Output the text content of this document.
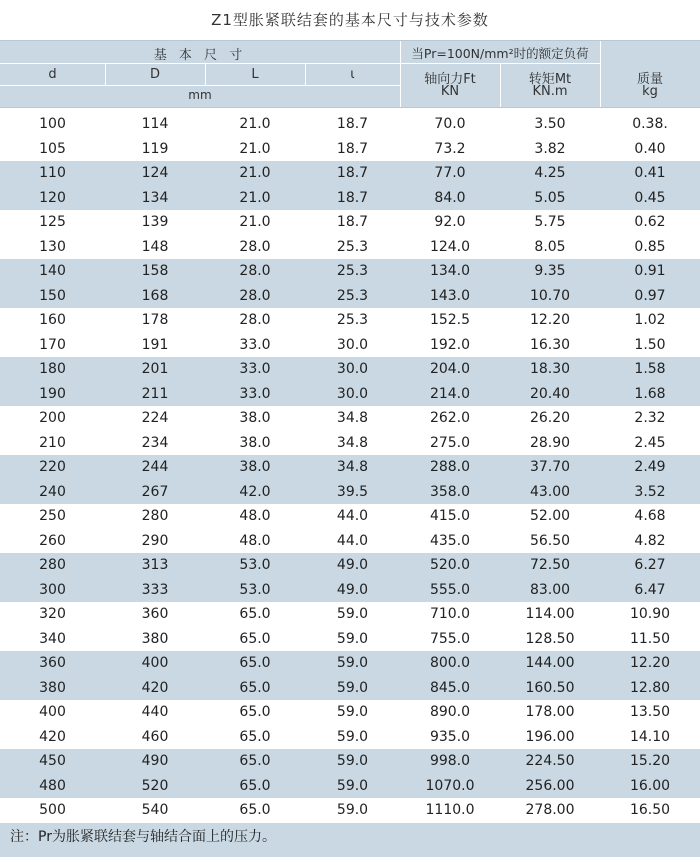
Z1型胀紧联结套的基本尺寸与技术参数
基 本 尺 寸	当Pr=100N/mm²时的额定负荷
d	D	L	ι
mm
轴向力Ft
KN
转矩Mt
KN.m
质量
kg
100	114	21.0	18.7	70.0	3.50	0.38.
105	119	21.0	18.7	73.2	3.82	0.40
110	124	21.0	18.7	77.0	4.25	0.41
120	134	21.0	18.7	84.0	5.05	0.45
125	139	21.0	18.7	92.0	5.75	0.62
130	148	28.0	25.3	124.0	8.05	0.85
140	158	28.0	25.3	134.0	9.35	0.91
150	168	28.0	25.3	143.0	10.70	0.97
160	178	28.0	25.3	152.5	12.20	1.02
170	191	33.0	30.0	192.0	16.30	1.50
180	201	33.0	30.0	204.0	18.30	1.58
190	211	33.0	30.0	214.0	20.40	1.68
200	224	38.0	34.8	262.0	26.20	2.32
210	234	38.0	34.8	275.0	28.90	2.45
220	244	38.0	34.8	288.0	37.70	2.49
240	267	42.0	39.5	358.0	43.00	3.52
250	280	48.0	44.0	415.0	52.00	4.68
260	290	48.0	44.0	435.0	56.50	4.82
280	313	53.0	49.0	520.0	72.50	6.27
300	333	53.0	49.0	555.0	83.00	6.47
320	360	65.0	59.0	710.0	114.00	10.90
340	380	65.0	59.0	755.0	128.50	11.50
360	400	65.0	59.0	800.0	144.00	12.20
380	420	65.0	59.0	845.0	160.50	12.80
400	440	65.0	59.0	890.0	178.00	13.50
420	460	65.0	59.0	935.0	196.00	14.10
450	490	65.0	59.0	998.0	224.50	15.20
480	520	65.0	59.0	1070.0	256.00	16.00
500	540	65.0	59.0	1110.0	278.00	16.50
注：Pr为胀紧联结套与轴结合面上的压力。
